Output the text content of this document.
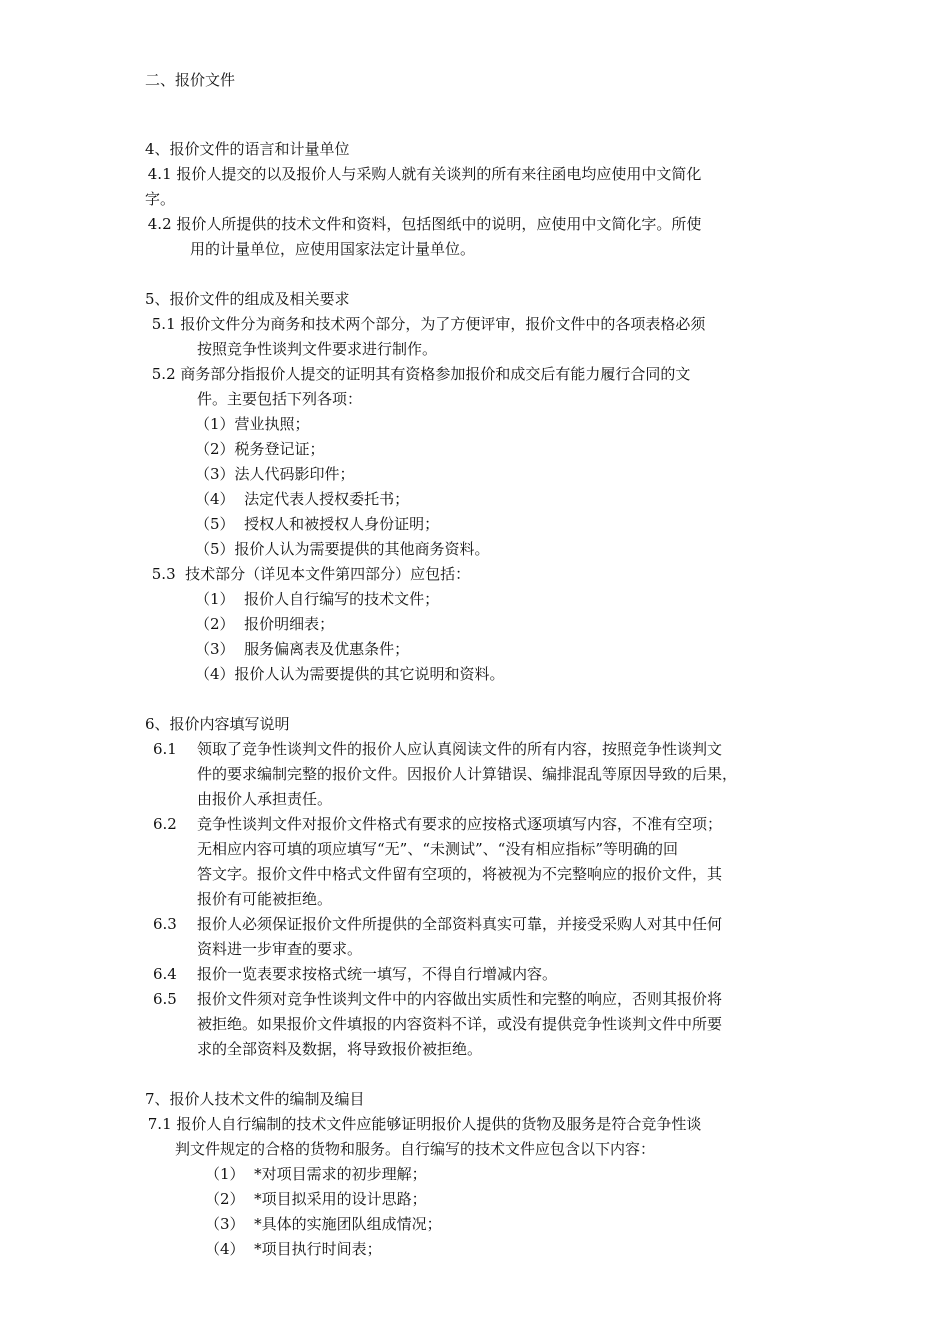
二、报价文件
4、报价文件的语言和计量单位
4.1 报价人提交的以及报价人与采购人就有关谈判的所有来往函电均应使用中文简化
字。
4.2 报价人所提供的技术文件和资料，包括图纸中的说明，应使用中文简化字。所使
用的计量单位，应使用国家法定计量单位。
5、报价文件的组成及相关要求
5.1 报价文件分为商务和技术两个部分，为了方便评审，报价文件中的各项表格必须
按照竞争性谈判文件要求进行制作。
5.2 商务部分指报价人提交的证明其有资格参加报价和成交后有能力履行合同的文
件。主要包括下列各项：
（1）营业执照；
（2）税务登记证；
（3）法人代码影印件；
（4）  法定代表人授权委托书；
（5）  授权人和被授权人身份证明；
（5）报价人认为需要提供的其他商务资料。
5.3  技术部分（详见本文件第四部分）应包括：
（1）  报价人自行编写的技术文件；
（2）  报价明细表；
（3）  服务偏离表及优惠条件；
（4）报价人认为需要提供的其它说明和资料。
6、报价内容填写说明
6.1 领取了竞争性谈判文件的报价人应认真阅读文件的所有内容，按照竞争性谈判文
件的要求编制完整的报价文件。因报价人计算错误、编排混乱等原因导致的后果，
由报价人承担责任。
6.2 竞争性谈判文件对报价文件格式有要求的应按格式逐项填写内容，不准有空项；
无相应内容可填的项应填写“无”、“未测试”、“没有相应指标”等明确的回
答文字。报价文件中格式文件留有空项的，将被视为不完整响应的报价文件，其
报价有可能被拒绝。
6.3 报价人必须保证报价文件所提供的全部资料真实可靠，并接受采购人对其中任何
资料进一步审查的要求。
6.4 报价一览表要求按格式统一填写，不得自行增减内容。
6.5 报价文件须对竞争性谈判文件中的内容做出实质性和完整的响应，否则其报价将
被拒绝。如果报价文件填报的内容资料不详，或没有提供竞争性谈判文件中所要
求的全部资料及数据，将导致报价被拒绝。
7、报价人技术文件的编制及编目
7.1 报价人自行编制的技术文件应能够证明报价人提供的货物及服务是符合竞争性谈
判文件规定的合格的货物和服务。自行编写的技术文件应包含以下内容：
（1）  *对项目需求的初步理解；
（2）  *项目拟采用的设计思路；
（3）  *具体的实施团队组成情况；
（4）  *项目执行时间表；
